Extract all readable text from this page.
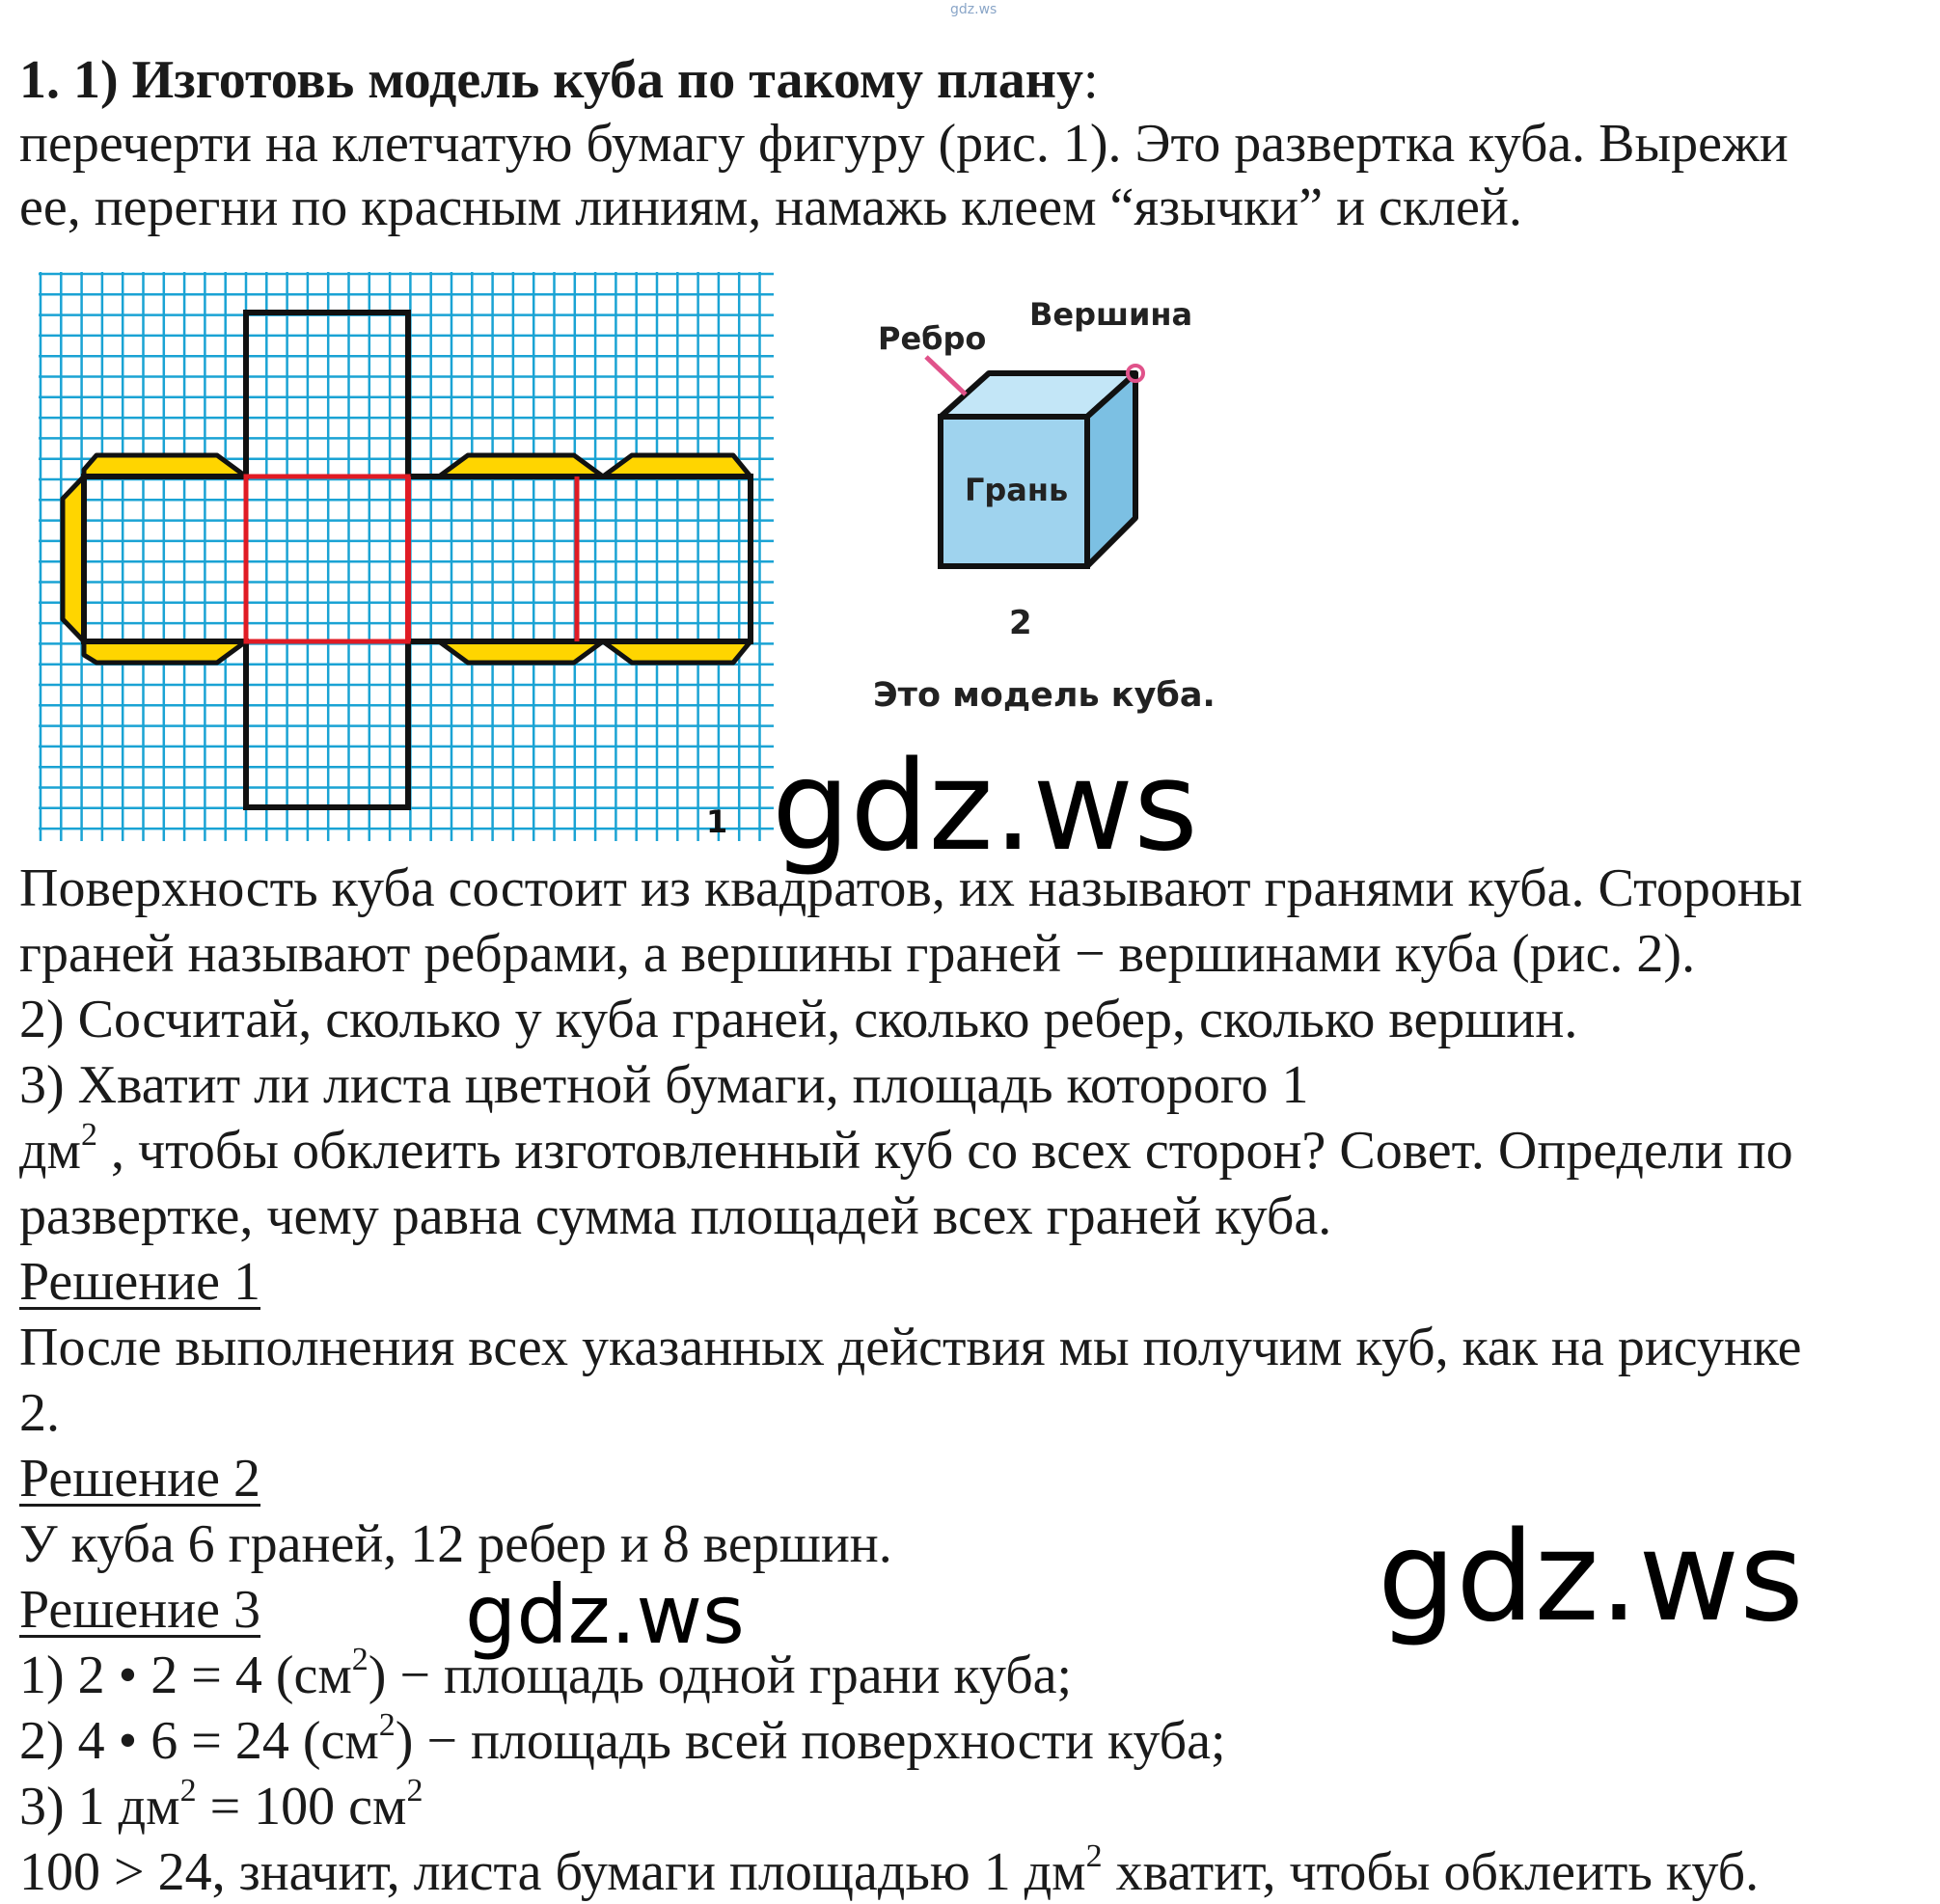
gdz.ws
1. 1) Изготовь модель куба по такому плану:
перечерти на клетчатую бумагу фигуру (рис. 1). Это развертка куба. Вырежи
ее, перегни по красным линиям, намажь клеем “язычки” и склей.
1
Ребро
Вершина
Грань
2
Это модель куба.
gdz.ws
Поверхность куба состоит из квадратов, их называют гранями куба. Стороны
граней называют ребрами, а вершины граней − вершинами куба (рис. 2).
2) Сосчитай, сколько у куба граней, сколько ребер, сколько вершин.
3) Хватит ли листа цветной бумаги, площадь которого 1
$дм^2$ , чтобы обклеить изготовленный куб со всех сторон? Совет. Определи по
развертке, чему равна сумма площадей всех граней куба.
Решение 1
После выполнения всех указанных действия мы получим куб, как на рисунке
2.
Решение 2
У куба 6 граней, 12 ребер и 8 вершин.
Решение 3
1) 2 • 2 = 4 $(см^2)$ − площадь одной грани куба;
2) 4 • 6 = 24 $(см^2)$ − площадь всей поверхности куба;
3) 1 $дм^2 = 100$ $см^2$
100 > 24, значит, листа бумаги площадью 1 $дм^2$ хватит, чтобы обклеить куб.
gdz.ws	gdz.ws
